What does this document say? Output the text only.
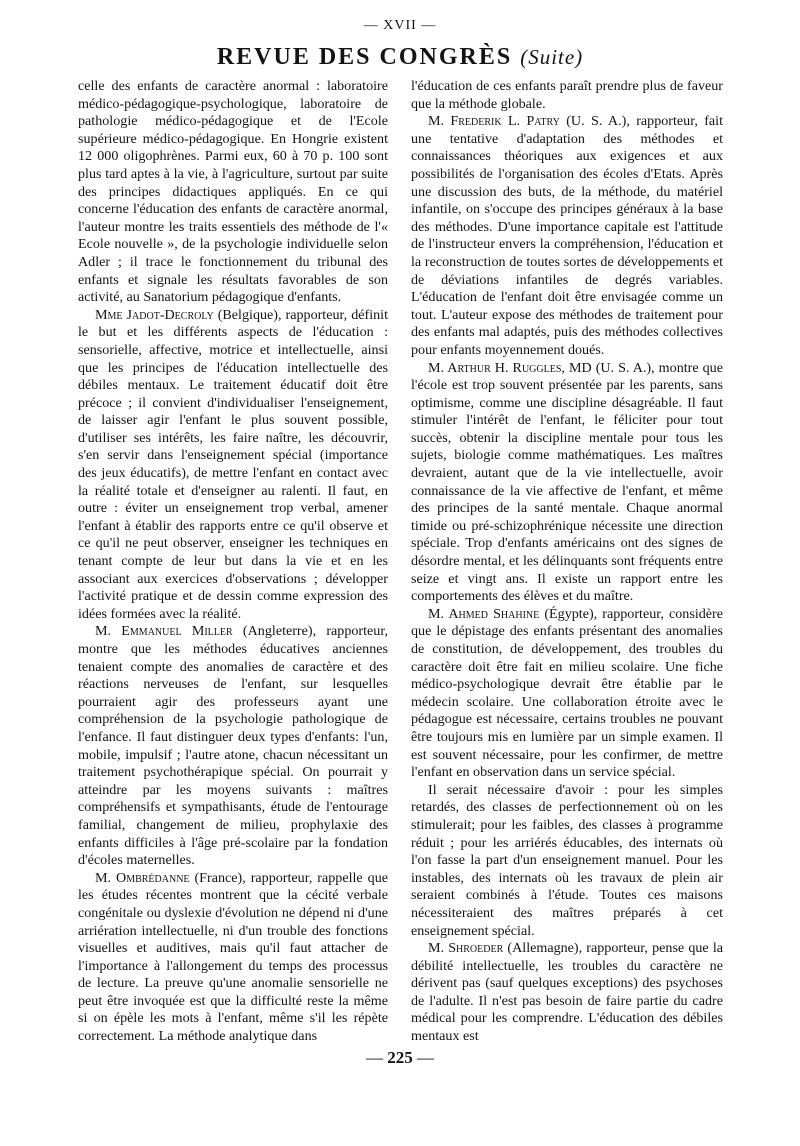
— XVII —
REVUE DES CONGRÈS (Suite)

celle des enfants de caractère anormal : laboratoire médico-pédagogique-psychologique, laboratoire de pathologie médico-pédagogique et de l'Ecole supérieure médico-pédagogique. En Hongrie existent 12 000 oligophrènes. Parmi eux, 60 à 70 p. 100 sont plus tard aptes à la vie, à l'agriculture, surtout par suite des principes didactiques appliqués. En ce qui concerne l'éducation des enfants de caractère anormal, l'auteur montre les traits essentiels des méthode de l'« Ecole nouvelle », de la psychologie individuelle selon Adler ; il trace le fonctionnement du tribunal des enfants et signale les résultats favorables de son activité, au Sanatorium pédagogique d'enfants.

Mme Jadot-Decroly (Belgique), rapporteur, définit le but et les différents aspects de l'éducation : sensorielle, affective, motrice et intellectuelle, ainsi que les principes de l'éducation intellectuelle des débiles mentaux. Le traitement éducatif doit être précoce ; il convient d'individualiser l'enseignement, de laisser agir l'enfant le plus souvent possible, d'utiliser ses intérêts, les faire naître, les découvrir, s'en servir dans l'enseignement spécial (importance des jeux éducatifs), de mettre l'enfant en contact avec la réalité totale et d'enseigner au ralenti. Il faut, en outre : éviter un enseignement trop verbal, amener l'enfant à établir des rapports entre ce qu'il observe et ce qu'il ne peut observer, enseigner les techniques en tenant compte de leur but dans la vie et en les associant aux exercices d'observations ; développer l'activité pratique et de dessin comme expression des idées formées avec la réalité.

M. Emmanuel Miller (Angleterre), rapporteur, montre que les méthodes éducatives anciennes tenaient compte des anomalies de caractère et des réactions nerveuses de l'enfant, sur lesquelles pourraient agir des professeurs ayant une compréhension de la psychologie pathologique de l'enfance. Il faut distinguer deux types d'enfants: l'un, mobile, impulsif ; l'autre atone, chacun nécessitant un traitement psychothérapique spécial. On pourrait y atteindre par les moyens suivants : maîtres compréhensifs et sympathisants, étude de l'entourage familial, changement de milieu, prophylaxie des enfants difficiles à l'âge pré-scolaire par la fondation d'écoles maternelles.

M. Ombrédanne (France), rapporteur, rappelle que les études récentes montrent que la cécité verbale congénitale ou dyslexie d'évolution ne dépend ni d'une arriération intellectuelle, ni d'un trouble des fonctions visuelles et auditives, mais qu'il faut attacher de l'importance à l'allongement du temps des processus de lecture. La preuve qu'une anomalie sensorielle ne peut être invoquée est que la difficulté reste la même si on épèle les mots à l'enfant, même s'il les répète correctement. La méthode analytique dans

l'éducation de ces enfants paraît prendre plus de faveur que la méthode globale.

M. Frederik L. Patry (U. S. A.), rapporteur, fait une tentative d'adaptation des méthodes et connaissances théoriques aux exigences et aux possibilités de l'organisation des écoles d'Etats. Après une discussion des buts, de la méthode, du matériel infantile, on s'occupe des principes généraux à la base des méthodes. D'une importance capitale est l'attitude de l'instructeur envers la compréhension, l'éducation et la reconstruction de toutes sortes de développements et de déviations infantiles de degrés variables. L'éducation de l'enfant doit être envisagée comme un tout. L'auteur expose des méthodes de traitement pour des enfants mal adaptés, puis des méthodes collectives pour enfants moyennement doués.

M. Arthur H. Ruggles, MD (U. S. A.), montre que l'école est trop souvent présentée par les parents, sans optimisme, comme une discipline désagréable. Il faut stimuler l'intérêt de l'enfant, le féliciter pour tout succès, obtenir la discipline mentale pour tous les sujets, biologie comme mathématiques. Les maîtres devraient, autant que de la vie intellectuelle, avoir connaissance de la vie affective de l'enfant, et même des principes de la santé mentale. Chaque anormal timide ou pré-schizophrénique nécessite une direction spéciale. Trop d'enfants américains ont des signes de désordre mental, et les délinquants sont fréquents entre seize et vingt ans. Il existe un rapport entre les comportements des élèves et du maître.

M. Ahmed Shahine (Égypte), rapporteur, considère que le dépistage des enfants présentant des anomalies de constitution, de développement, des troubles du caractère doit être fait en milieu scolaire. Une fiche médico-psychologique devrait être établie par le médecin scolaire. Une collaboration étroite avec le pédagogue est nécessaire, certains troubles ne pouvant être toujours mis en lumière par un simple examen. Il est souvent nécessaire, pour les confirmer, de mettre l'enfant en observation dans un service spécial.

Il serait nécessaire d'avoir : pour les simples retardés, des classes de perfectionnement où on les stimulerait; pour les faibles, des classes à programme réduit ; pour les arriérés éducables, des internats où l'on fasse la part d'un enseignement manuel. Pour les instables, des internats où les travaux de plein air seraient combinés à l'étude. Toutes ces maisons nécessiteraient des maîtres préparés à cet enseignement spécial.

M. Shroeder (Allemagne), rapporteur, pense que la débilité intellectuelle, les troubles du caractère ne dérivent pas (sauf quelques exceptions) des psychoses de l'adulte. Il n'est pas besoin de faire partie du cadre médical pour les comprendre. L'éducation des débiles mentaux est

— 225 —
